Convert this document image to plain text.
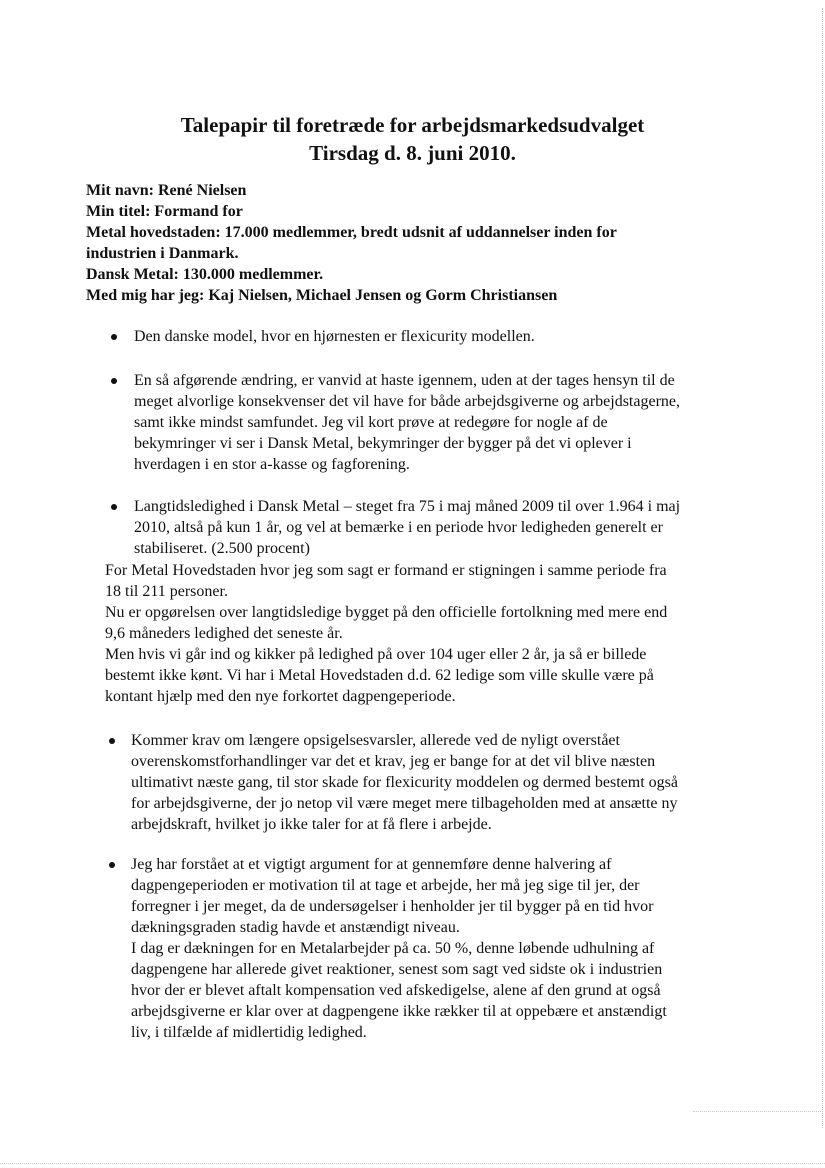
Talepapir til foretræde for arbejdsmarkedsudvalget
Tirsdag d. 8. juni 2010.
Mit navn: René Nielsen
Min titel: Formand for
Metal hovedstaden: 17.000 medlemmer, bredt udsnit af uddannelser inden for
industrien i Danmark.
Dansk Metal: 130.000 medlemmer.
Med mig har jeg: Kaj Nielsen, Michael Jensen og Gorm Christiansen
Den danske model, hvor en hjørnesten er flexicurity modellen.
En så afgørende ændring, er vanvid at haste igennem, uden at der tages hensyn til de
meget alvorlige konsekvenser det vil have for både arbejdsgiverne og arbejdstagerne,
samt ikke mindst samfundet. Jeg vil kort prøve at redegøre for nogle af de
bekymringer vi ser i Dansk Metal, bekymringer der bygger på det vi oplever i
hverdagen i en stor a-kasse og fagforening.
Langtidsledighed i Dansk Metal – steget fra 75 i maj måned 2009 til over 1.964 i maj
2010, altså på kun 1 år, og vel at bemærke i en periode hvor ledigheden generelt er
stabiliseret. (2.500 procent)
For Metal Hovedstaden hvor jeg som sagt er formand er stigningen i samme periode fra
18 til 211 personer.
Nu er opgørelsen over langtidsledige bygget på den officielle fortolkning med mere end
9,6 måneders ledighed det seneste år.
Men hvis vi går ind og kikker på ledighed på over 104 uger eller 2 år, ja så er billede
bestemt ikke kønt. Vi har i Metal Hovedstaden d.d. 62 ledige som ville skulle være på
kontant hjælp med den nye forkortet dagpengeperiode.
Kommer krav om længere opsigelsesvarsler, allerede ved de nyligt overstået
overenskomstforhandlinger var det et krav, jeg er bange for at det vil blive næsten
ultimativt næste gang, til stor skade for flexicurity moddelen og dermed bestemt også
for arbejdsgiverne, der jo netop vil være meget mere tilbageholden med at ansætte ny
arbejdskraft, hvilket jo ikke taler for at få flere i arbejde.
Jeg har forstået at et vigtigt argument for at gennemføre denne halvering af
dagpengeperioden er motivation til at tage et arbejde, her må jeg sige til jer, der
forregner i jer meget, da de undersøgelser i henholder jer til bygger på en tid hvor
dækningsgraden stadig havde et anstændigt niveau.
I dag er dækningen for en Metalarbejder på ca. 50 %, denne løbende udhulning af
dagpengene har allerede givet reaktioner, senest som sagt ved sidste ok i industrien
hvor der er blevet aftalt kompensation ved afskedigelse, alene af den grund at også
arbejdsgiverne er klar over at dagpengene ikke rækker til at oppebære et anstændigt
liv, i tilfælde af midlertidig ledighed.
